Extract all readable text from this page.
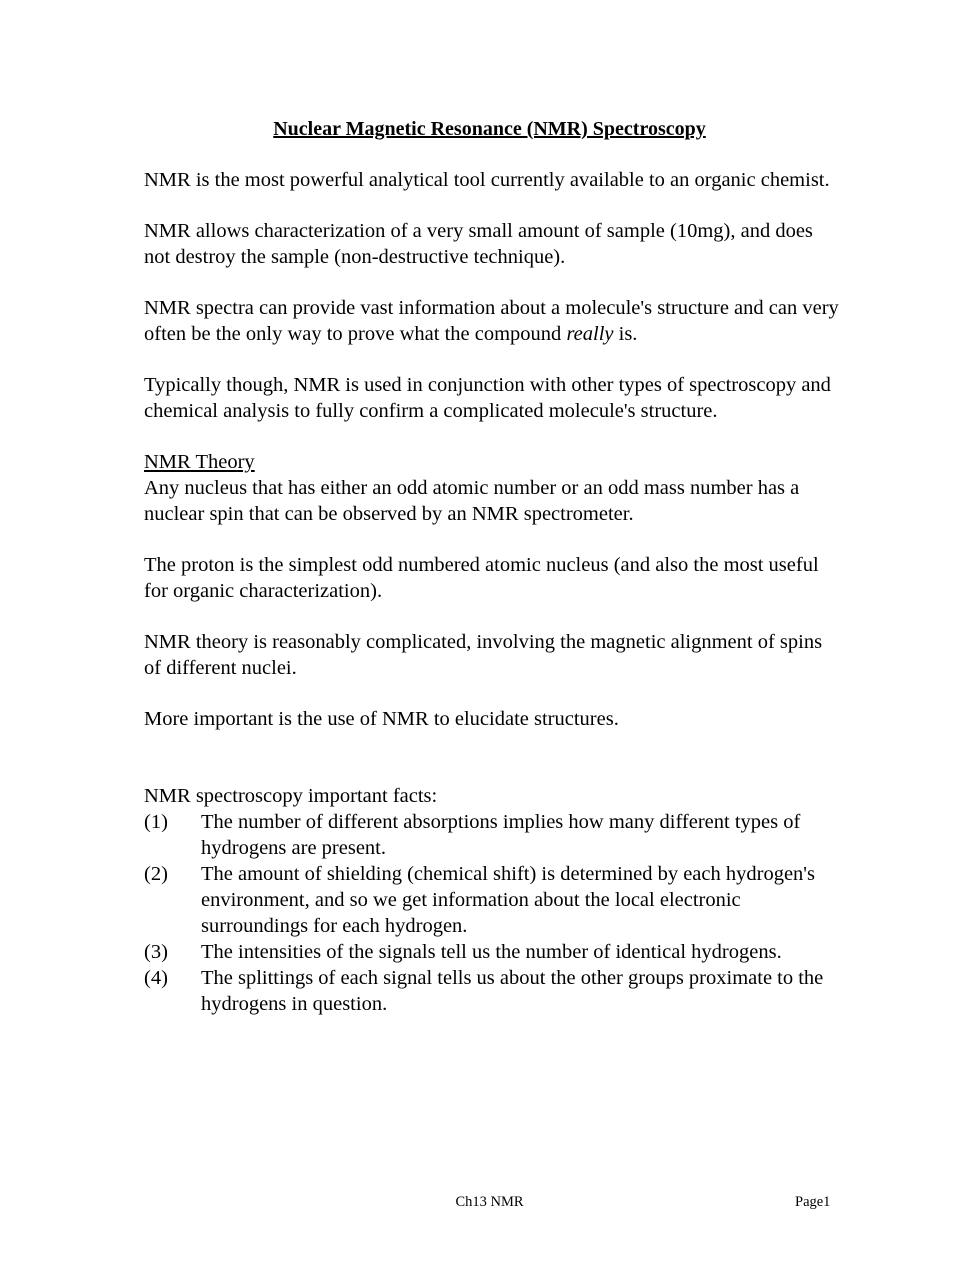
Nuclear Magnetic Resonance (NMR) Spectroscopy

NMR is the most powerful analytical tool currently available to an organic chemist.

NMR allows characterization of a very small amount of sample (10mg), and does not destroy the sample (non-destructive technique).

NMR spectra can provide vast information about a molecule's structure and can very often be the only way to prove what the compound really is.

Typically though, NMR is used in conjunction with other types of spectroscopy and chemical analysis to fully confirm a complicated molecule's structure.

NMR Theory

Any nucleus that has either an odd atomic number or an odd mass number has a nuclear spin that can be observed by an NMR spectrometer.

The proton is the simplest odd numbered atomic nucleus (and also the most useful for organic characterization).

NMR theory is reasonably complicated, involving the magnetic alignment of spins of different nuclei.

More important is the use of NMR to elucidate structures.

NMR spectroscopy important facts:

(1)	The number of different absorptions implies how many different types of hydrogens are present.
(2)	The amount of shielding (chemical shift) is determined by each hydrogen's environment, and so we get information about the local electronic surroundings for each hydrogen.
(3)	The intensities of the signals tell us the number of identical hydrogens.
(4)	The splittings of each signal tells us about the other groups proximate to the hydrogens in question.
Ch13 NMR	Page1
